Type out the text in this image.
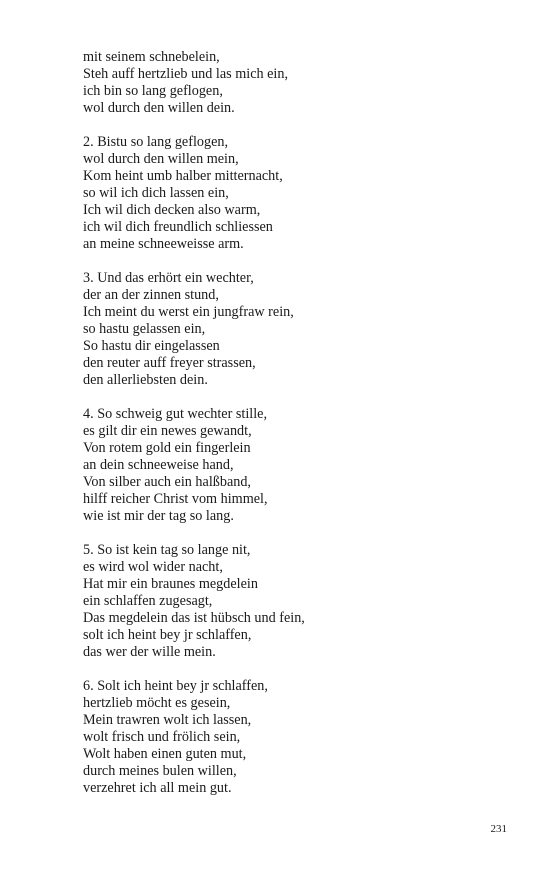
mit seinem schnebelein,
Steh auff hertzlieb und las mich ein,
ich bin so lang geflogen,
wol durch den willen dein.
2. Bistu so lang geflogen,
wol durch den willen mein,
Kom heint umb halber mitternacht,
so wil ich dich lassen ein,
Ich wil dich decken also warm,
ich wil dich freundlich schliessen
an meine schneeweisse arm.
3. Und das erhört ein wechter,
der an der zinnen stund,
Ich meint du werst ein jungfraw rein,
so hastu gelassen ein,
So hastu dir eingelassen
den reuter auff freyer strassen,
den allerliebsten dein.
4. So schweig gut wechter stille,
es gilt dir ein newes gewandt,
Von rotem gold ein fingerlein
an dein schneeweise hand,
Von silber auch ein halßband,
hilff reicher Christ vom himmel,
wie ist mir der tag so lang.
5. So ist kein tag so lange nit,
es wird wol wider nacht,
Hat mir ein braunes megdelein
ein schlaffen zugesagt,
Das megdelein das ist hübsch und fein,
solt ich heint bey jr schlaffen,
das wer der wille mein.
6. Solt ich heint bey jr schlaffen,
hertzlieb möcht es gesein,
Mein trawren wolt ich lassen,
wolt frisch und frölich sein,
Wolt haben einen guten mut,
durch meines bulen willen,
verzehret ich all mein gut.
231
